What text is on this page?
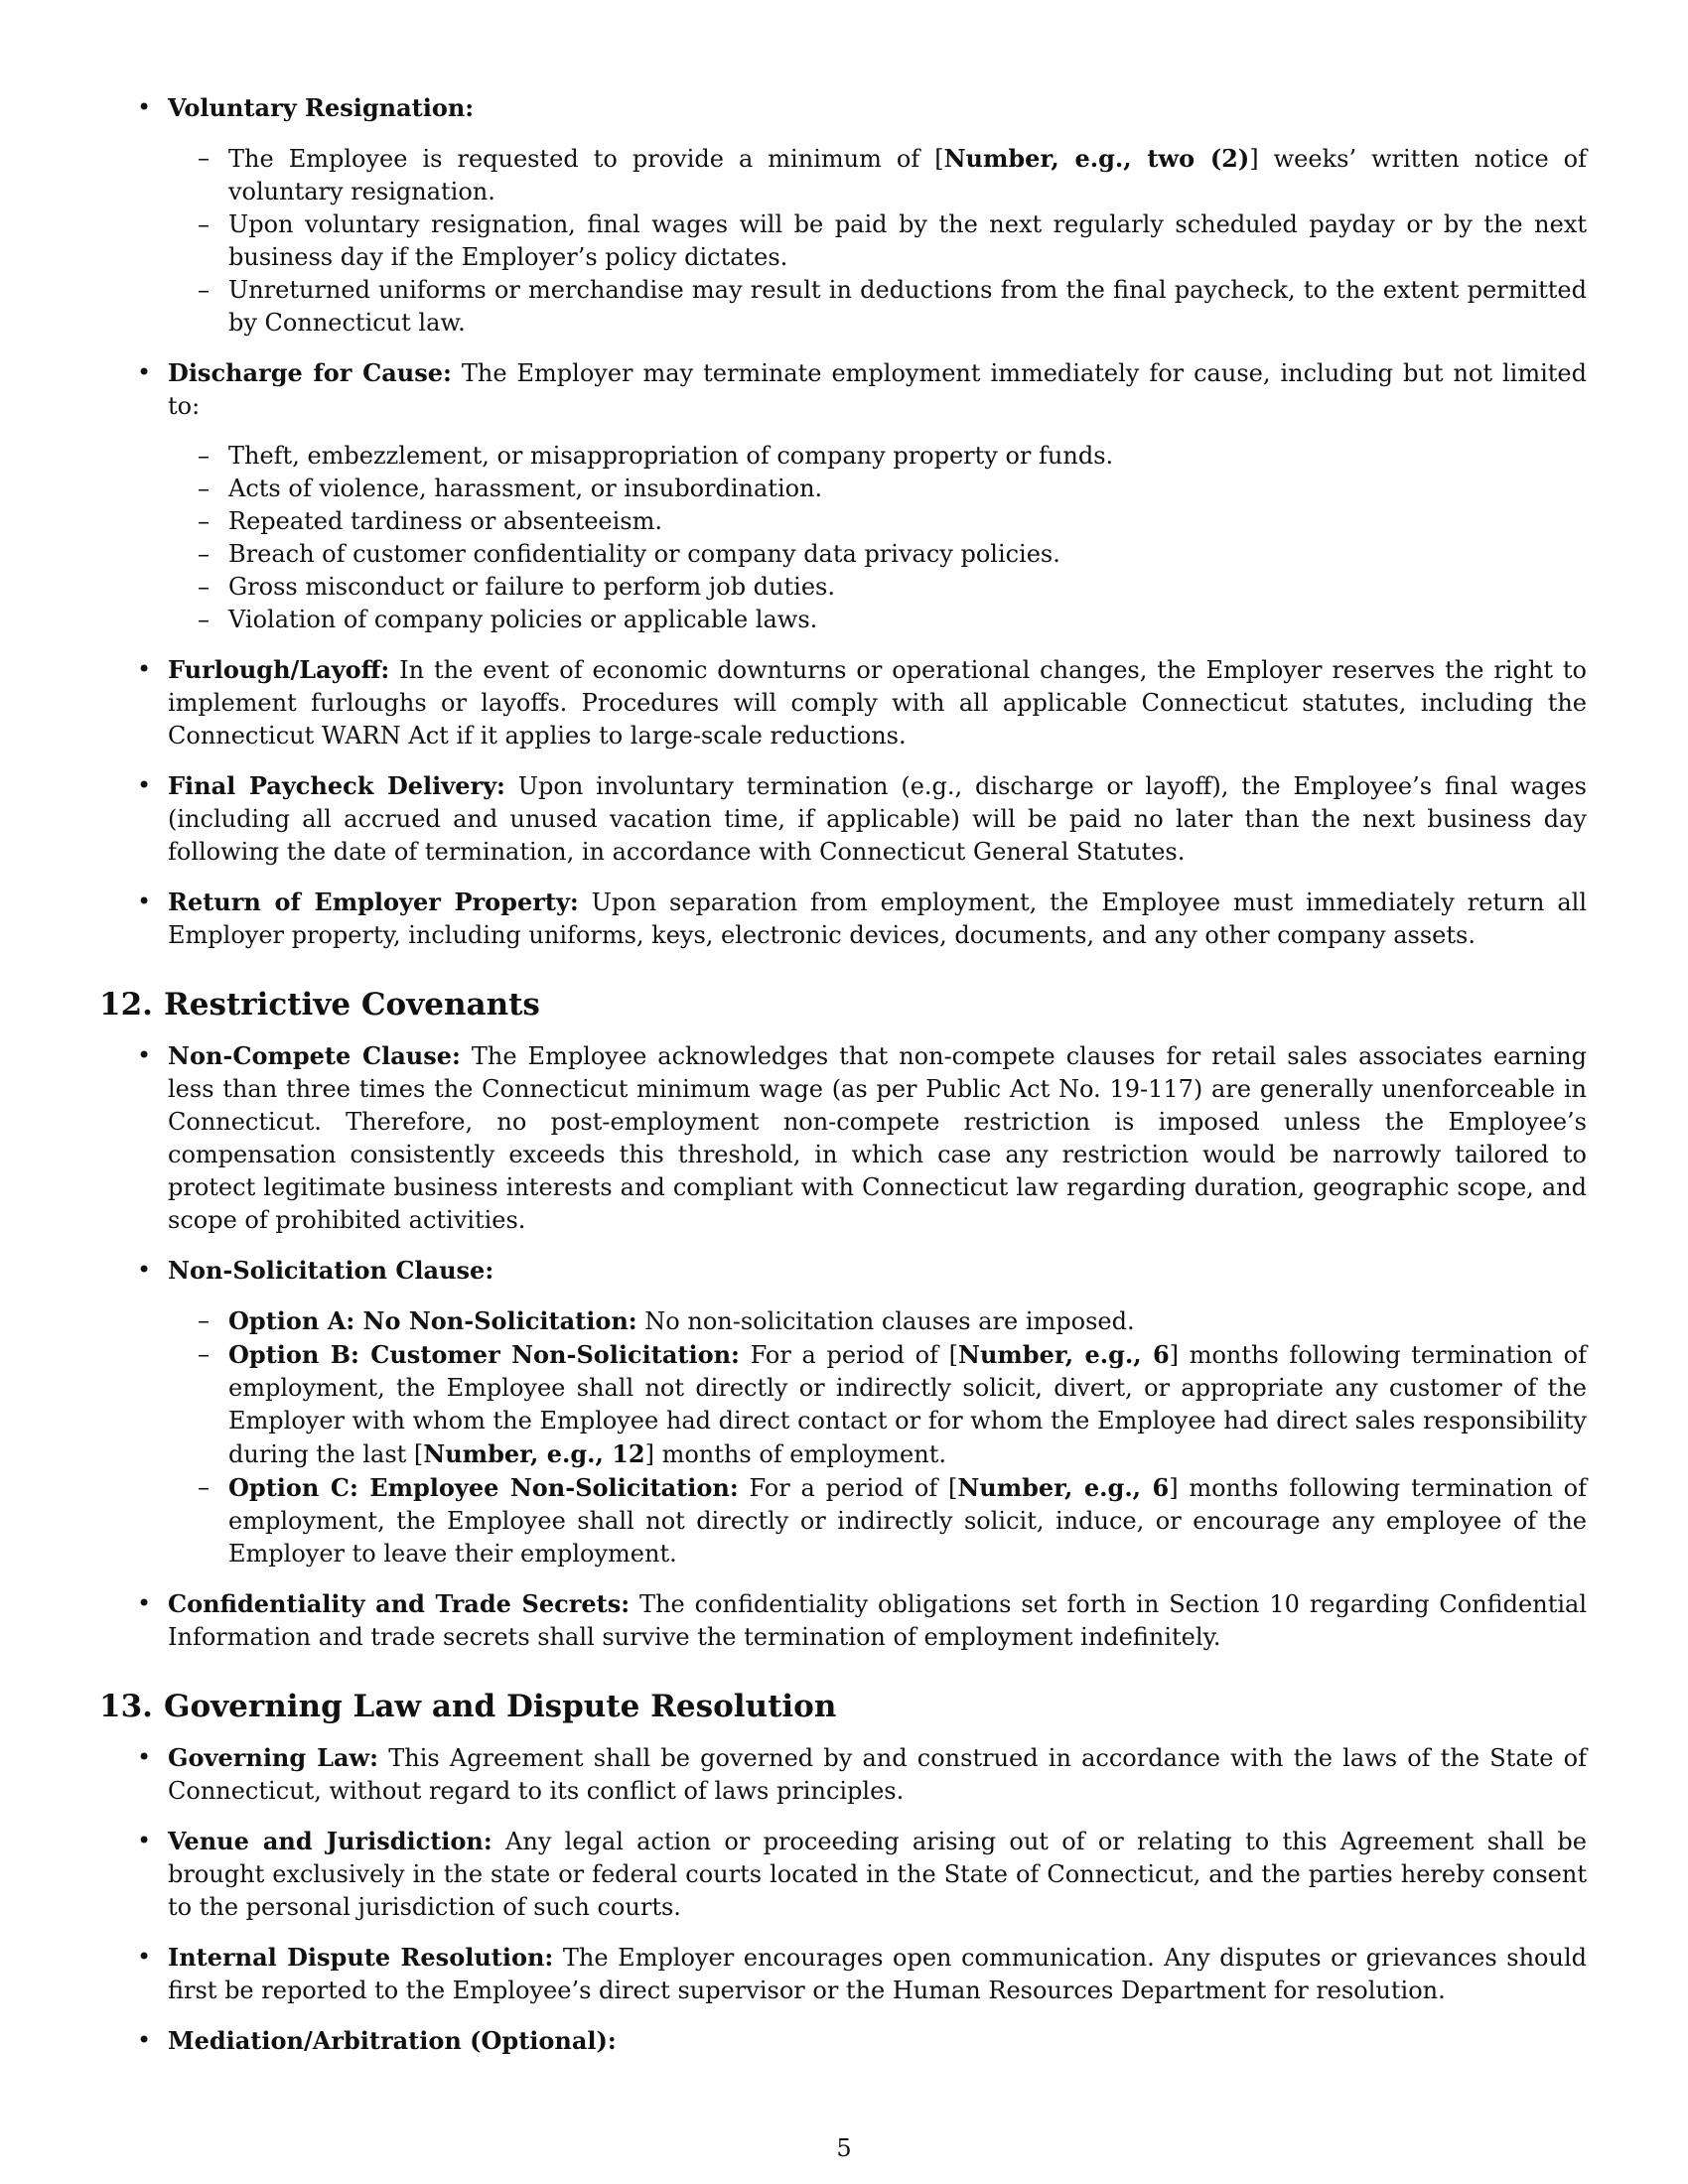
• Voluntary Resignation:
– The Employee is requested to provide a minimum of [Number, e.g., two (2)] weeks’ written notice of voluntary resignation.
– Upon voluntary resignation, final wages will be paid by the next regularly scheduled payday or by the next business day if the Employer’s policy dictates.
– Unreturned uniforms or merchandise may result in deductions from the final paycheck, to the extent permitted by Connecticut law.
• Discharge for Cause: The Employer may terminate employment immediately for cause, including but not limited to:
– Theft, embezzlement, or misappropriation of company property or funds.
– Acts of violence, harassment, or insubordination.
– Repeated tardiness or absenteeism.
– Breach of customer confidentiality or company data privacy policies.
– Gross misconduct or failure to perform job duties.
– Violation of company policies or applicable laws.
• Furlough/Layoff: In the event of economic downturns or operational changes, the Employer reserves the right to implement furloughs or layoffs. Procedures will comply with all applicable Connecticut statutes, including the Connecticut WARN Act if it applies to large-scale reductions.
• Final Paycheck Delivery: Upon involuntary termination (e.g., discharge or layoff), the Employee’s final wages (including all accrued and unused vacation time, if applicable) will be paid no later than the next business day following the date of termination, in accordance with Connecticut General Statutes.
• Return of Employer Property: Upon separation from employment, the Employee must immediately return all Employer property, including uniforms, keys, electronic devices, documents, and any other company assets.
12. Restrictive Covenants
• Non-Compete Clause: The Employee acknowledges that non-compete clauses for retail sales associates earning less than three times the Connecticut minimum wage (as per Public Act No. 19-117) are generally unenforceable in Connecticut. Therefore, no post-employment non-compete restriction is imposed unless the Employee’s compensation consistently exceeds this threshold, in which case any restriction would be narrowly tailored to protect legitimate business interests and compliant with Connecticut law regarding duration, geographic scope, and scope of prohibited activities.
• Non-Solicitation Clause:
– Option A: No Non-Solicitation: No non-solicitation clauses are imposed.
– Option B: Customer Non-Solicitation: For a period of [Number, e.g., 6] months following termination of employment, the Employee shall not directly or indirectly solicit, divert, or appropriate any customer of the Employer with whom the Employee had direct contact or for whom the Employee had direct sales responsibility during the last [Number, e.g., 12] months of employment.
– Option C: Employee Non-Solicitation: For a period of [Number, e.g., 6] months following termination of employment, the Employee shall not directly or indirectly solicit, induce, or encourage any employee of the Employer to leave their employment.
• Confidentiality and Trade Secrets: The confidentiality obligations set forth in Section 10 regarding Confidential Information and trade secrets shall survive the termination of employment indefinitely.
13. Governing Law and Dispute Resolution
• Governing Law: This Agreement shall be governed by and construed in accordance with the laws of the State of Connecticut, without regard to its conflict of laws principles.
• Venue and Jurisdiction: Any legal action or proceeding arising out of or relating to this Agreement shall be brought exclusively in the state or federal courts located in the State of Connecticut, and the parties hereby consent to the personal jurisdiction of such courts.
• Internal Dispute Resolution: The Employer encourages open communication. Any disputes or grievances should first be reported to the Employee’s direct supervisor or the Human Resources Department for resolution.
• Mediation/Arbitration (Optional):
5
